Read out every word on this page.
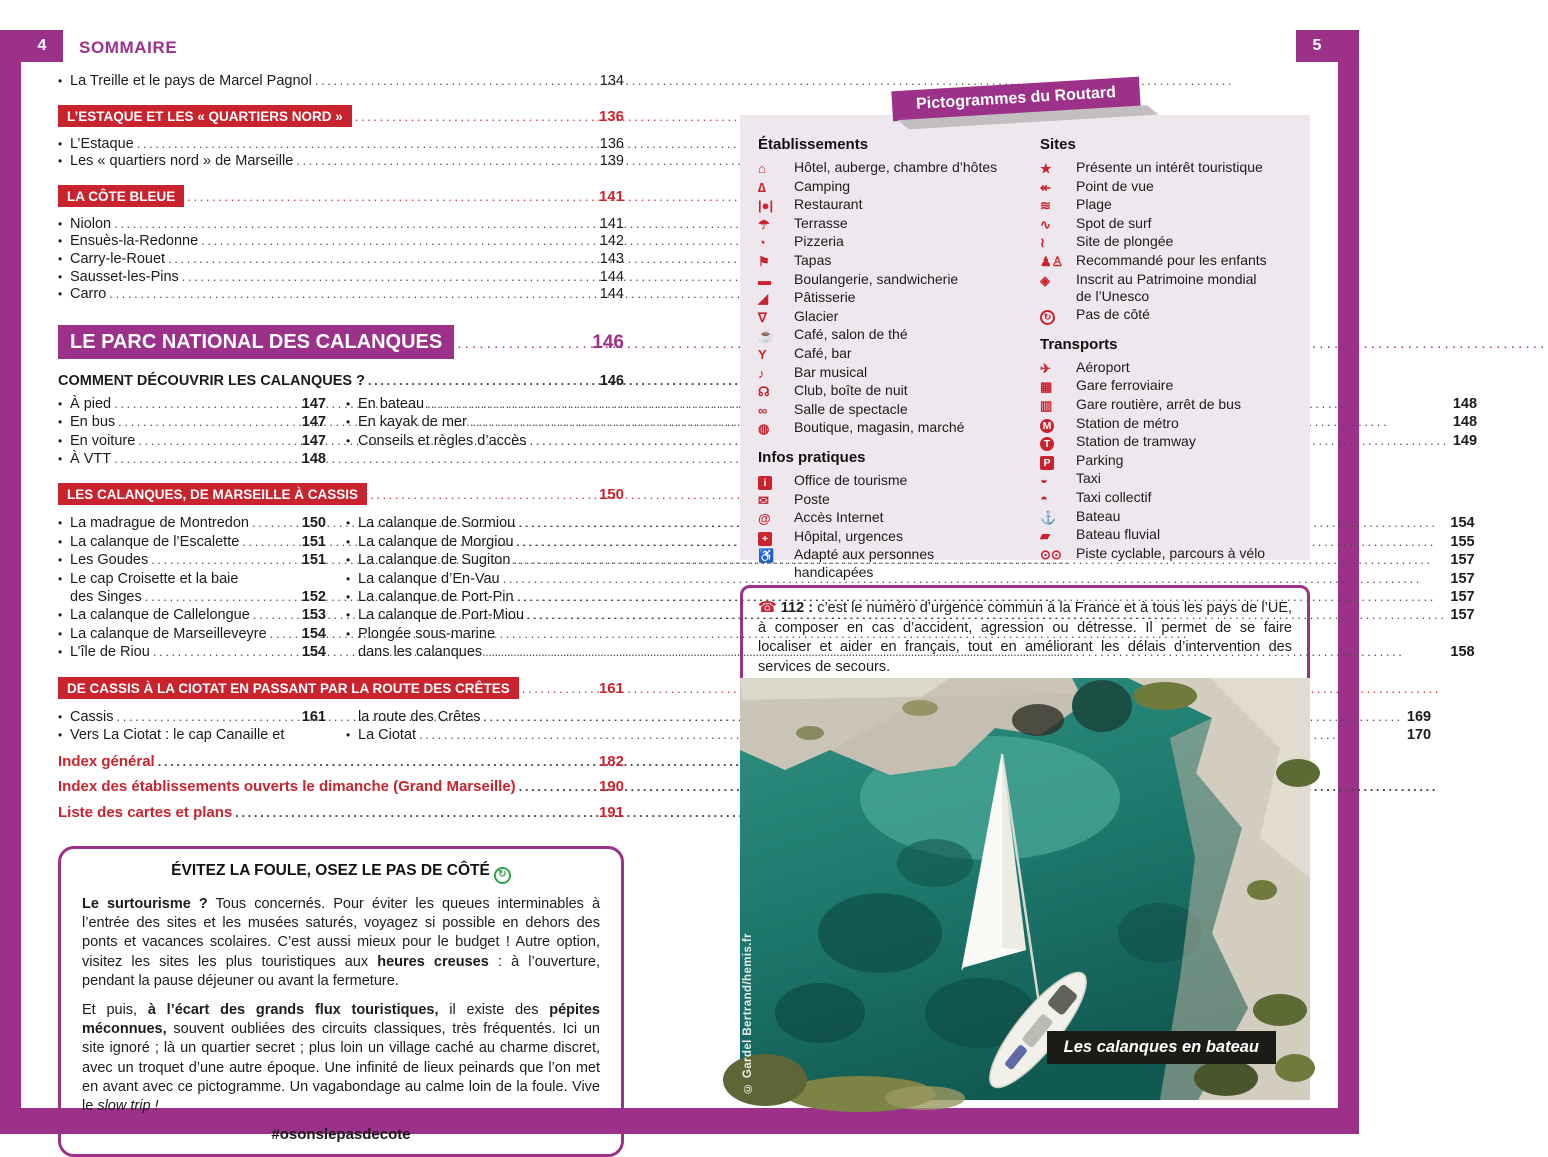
4	5
SOMMAIRE
• La Treille et le pays de Marcel Pagnol .....	134
L’ESTAQUE ET LES « QUARTIERS NORD » .....	136
• L’Estaque .....	136
• Les « quartiers nord » de Marseille .....	139
LA CÔTE BLEUE .....	141
• Niolon .....	141
• Ensuès-la-Redonne .....	142
• Carry-le-Rouet .....	143
• Sausset-les-Pins .....	144
• Carro .....	144
LE PARC NATIONAL DES CALANQUES .....	146
COMMENT DÉCOUVRIR LES CALANQUES ? .....	146
• À pied .....	147
• En bus .....	147
• En voiture .....	147
• À VTT .....	148
• En bateau .....	148
• En kayak de mer .....	148
• Conseils et règles d’accès .....	149
LES CALANQUES, DE MARSEILLE À CASSIS .....	150
• La madrague de Montredon .....	150
• La calanque de l’Escalette .....	151
• Les Goudes .....	151
• Le cap Croisette et la baie
des Singes .....	152
• La calanque de Callelongue .....	153
• La calanque de Marseilleveyre ..... 154
• L’île de Riou .....	154
• La calanque de Sormiou .....	154
• La calanque de Morgiou .....	155
• La calanque de Sugiton .....	157
• La calanque d’En-Vau .....	157
• La calanque de Port-Pin .....	157
• La calanque de Port-Miou .....	157
• Plongée sous-marine
dans les calanques .....	158
DE CASSIS À LA CIOTAT EN PASSANT PAR LA ROUTE DES CRÊTES .....	161
• Cassis .....	161
• Vers La Ciotat : le cap Canaille et
la route des Crêtes .....	169
• La Ciotat .....	170
Index général .....	182
Index des établissements ouverts le dimanche (Grand Marseille) .....	190
Liste des cartes et plans .....	191
ÉVITEZ LA FOULE, OSEZ LE PAS DE CÔTÉ ↻

Le surtourisme ? Tous concernés. Pour éviter les queues interminables à l’entrée des sites et les musées saturés, voyagez si possible en dehors des ponts et vacances scolaires. C’est aussi mieux pour le budget ! Autre option, visitez les sites les plus touristiques aux heures creuses : à l’ouverture, pendant la pause déjeuner ou avant la fermeture.

Et puis, à l’écart des grands flux touristiques, il existe des pépites méconnues, souvent oubliées des circuits classiques, très fréquentés. Ici un site ignoré ; là un quartier secret ; plus loin un village caché au charme discret, avec un troquet d’une autre époque. Une infinité de lieux peinards que l’on met en avant avec ce pictogramme. Un vagabondage au calme loin de la foule. Vive le slow trip !

#osonslepasdecote
Pictogrammes du Routard
Établissements
⌂	Hôtel, auberge, chambre d’hôtes
∆	Camping
|●|	Restaurant
☂	Terrasse
◔	Pizzeria
⚑	Tapas
▬	Boulangerie, sandwicherie
◢	Pâtisserie
∇	Glacier
☕	Café, salon de thé
Y	Café, bar
♪	Bar musical
☊	Club, boîte de nuit
∞	Salle de spectacle
◍	Boutique, magasin, marché
Infos pratiques
i	Office de tourisme
✉	Poste
@	Accès Internet
+	Hôpital, urgences
♿	Adapté aux personnes
handicapées
Sites
★	Présente un intérêt touristique
↞	Point de vue
≋	Plage
∿	Spot de surf
≀	Site de plongée
♟♙ Recommandé pour les enfants
◈	Inscrit au Patrimoine mondial
de l’Unesco
↻	Pas de côté
Transports
✈	Aéroport
▦	Gare ferroviaire
▥	Gare routière, arrêt de bus
M	Station de métro
T	Station de tramway
P	Parking
◒	Taxi
◓	Taxi collectif
⚓	Bateau
▰	Bateau fluvial
⊙⊙	Piste cyclable, parcours à vélo
☎ 112 : c’est le numéro d’urgence commun à la France et à tous les pays de l’UE, à composer en cas d’accident, agression ou détresse. Il permet de se faire localiser et aider en français, tout en améliorant les délais d’intervention des services de secours.
© Gardel Bertrand/hemis.fr	Les calanques en bateau
